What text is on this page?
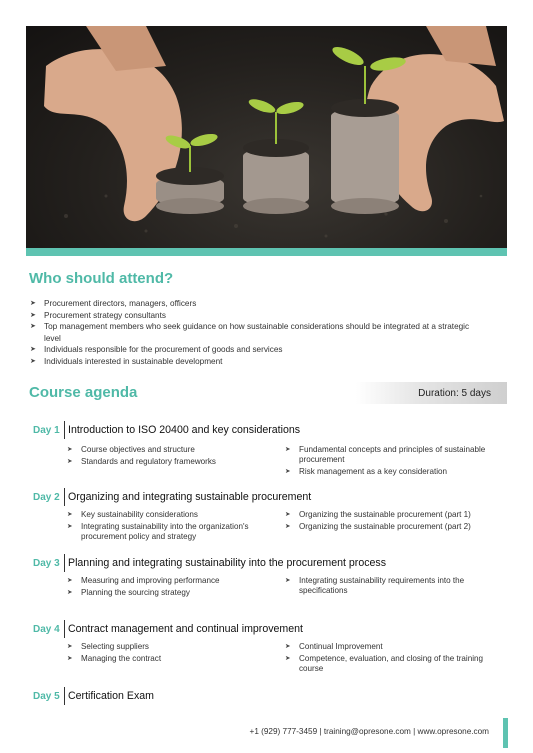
Who should attend?
➤ Procurement directors, managers, officers
➤ Procurement strategy consultants
➤ Top management members who seek guidance on how sustainable considerations should be integrated at a strategic level
➤ Individuals responsible for the procurement of goods and services
➤ Individuals interested in sustainable development
Course agenda	Duration: 5 days
Day 1 Introduction to ISO 20400 and key considerations
➤ Course objectives and structure
➤ Standards and regulatory frameworks
➤ Fundamental concepts and principles of sustainable procurement
➤ Risk management as a key consideration
Day 2 Organizing and integrating sustainable procurement
➤ Key sustainability considerations
➤ Integrating sustainability into the organization's procurement policy and strategy
➤ Organizing the sustainable procurement (part 1)
➤ Organizing the sustainable procurement (part 2)
Day 3 Planning and integrating sustainability into the procurement process
➤ Measuring and improving performance
➤ Planning the sourcing strategy
➤ Integrating sustainability requirements into the specifications
Day 4 Contract management and continual improvement
➤ Selecting suppliers
➤ Managing the contract
➤ Continual Improvement
➤ Competence, evaluation, and closing of the training course
Day 5 Certification Exam
+1 (929) 777-3459 | training@opresone.com | www.opresone.com
